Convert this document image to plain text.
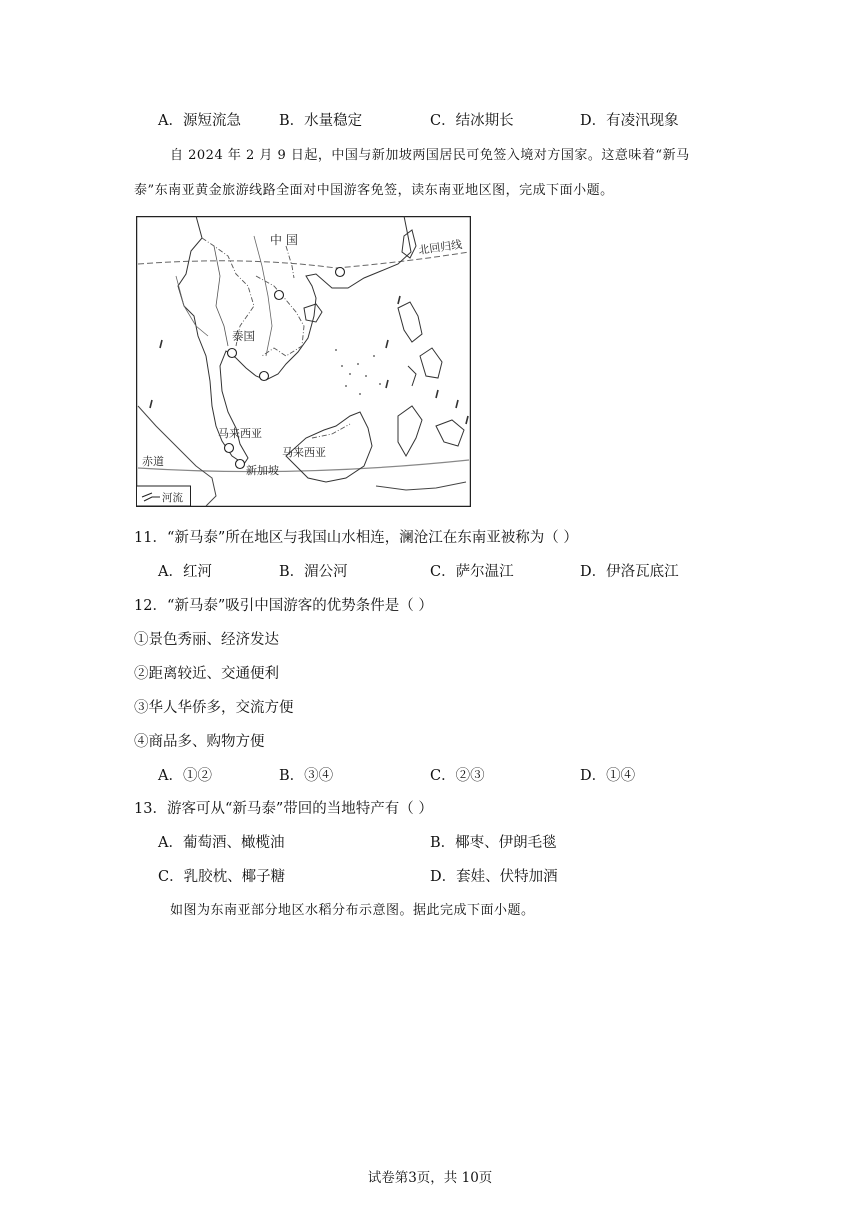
A．源短流急	B．水量稳定	C．结冰期长	D．有凌汛现象
自 2024 年 2 月 9 日起，中国与新加坡两国居民可免签入境对方国家。这意味着“新马
泰”东南亚黄金旅游线路全面对中国游客免签，读东南亚地区图，完成下面小题。
中 国	北回归线
泰国
马来西亚
马来西亚
赤道
新加坡
河流
11．“新马泰”所在地区与我国山水相连，澜沧江在东南亚被称为（ ）
A．红河	B．湄公河	C．萨尔温江	D．伊洛瓦底江
12．“新马泰”吸引中国游客的优势条件是（ ）
①景色秀丽、经济发达
②距离较近、交通便利
③华人华侨多，交流方便
④商品多、购物方便
A．①②	B．③④	C．②③	D．①④
13．游客可从“新马泰”带回的当地特产有（ ）
A．葡萄酒、橄榄油	B．椰枣、伊朗毛毯
C．乳胶枕、椰子糖	D．套娃、伏特加酒
如图为东南亚部分地区水稻分布示意图。据此完成下面小题。
试卷第3页，共 10页
